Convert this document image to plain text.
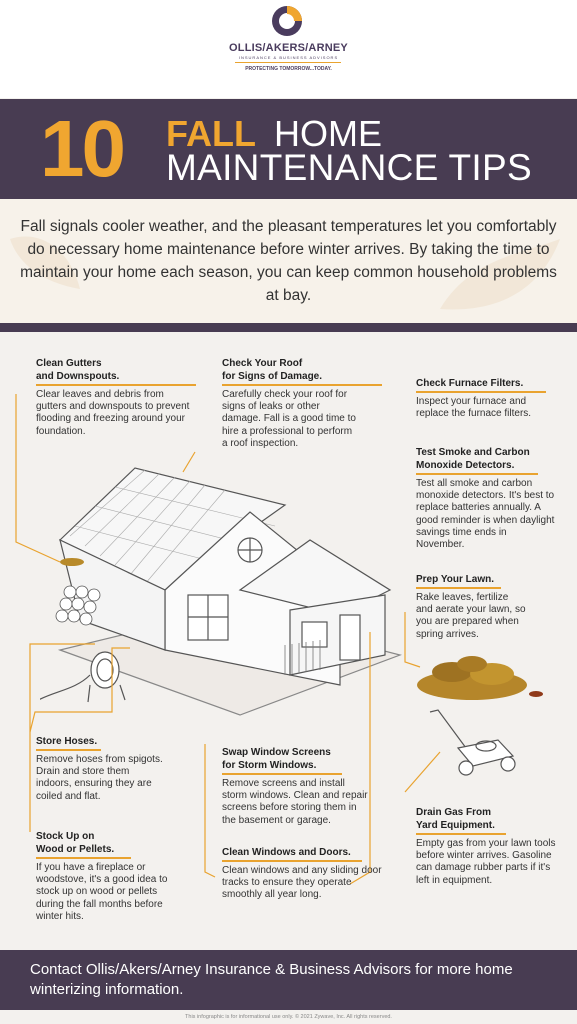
OLLIS/AKERS/ARNEY
INSURANCE & BUSINESS ADVISORS
PROTECTING TOMORROW...TODAY.
10 FALL HOME
MAINTENANCE TIPS
Fall signals cooler weather, and the pleasant temperatures let you comfortably do necessary home maintenance before winter arrives. By taking the time to maintain your home each season, you can keep common household problems at bay.
Clean Gutters
and Downspouts.
Clear leaves and debris from gutters and downspouts to prevent flooding and freezing around your foundation.
Check Your Roof
for Signs of Damage.
Carefully check your roof for signs of leaks or other damage. Fall is a good time to hire a professional to perform a roof inspection.
Check Furnace Filters.
Inspect your furnace and replace the furnace filters.
Test Smoke and Carbon
Monoxide Detectors.
Test all smoke and carbon monoxide detectors. It's best to replace batteries annually. A good reminder is when daylight savings time ends in November.
Prep Your Lawn.
Rake leaves, fertilize and aerate your lawn, so you are prepared when spring arrives.
Store Hoses.
Remove hoses from spigots. Drain and store them indoors, ensuring they are coiled and flat.
Swap Window Screens
for Storm Windows.
Remove screens and install storm windows. Clean and repair screens before storing them in the basement or garage.
Stock Up on
Wood or Pellets.
If you have a fireplace or woodstove, it's a good idea to stock up on wood or pellets during the fall months before winter hits.
Clean Windows and Doors.
Clean windows and any sliding door tracks to ensure they operate smoothly all year long.
Drain Gas From
Yard Equipment.
Empty gas from your lawn tools before winter arrives. Gasoline can damage rubber parts if it's left in equipment.
Contact Ollis/Akers/Arney Insurance & Business Advisors for more home winterizing information.
This infographic is for informational use only. © 2021 Zywave, Inc. All rights reserved.
